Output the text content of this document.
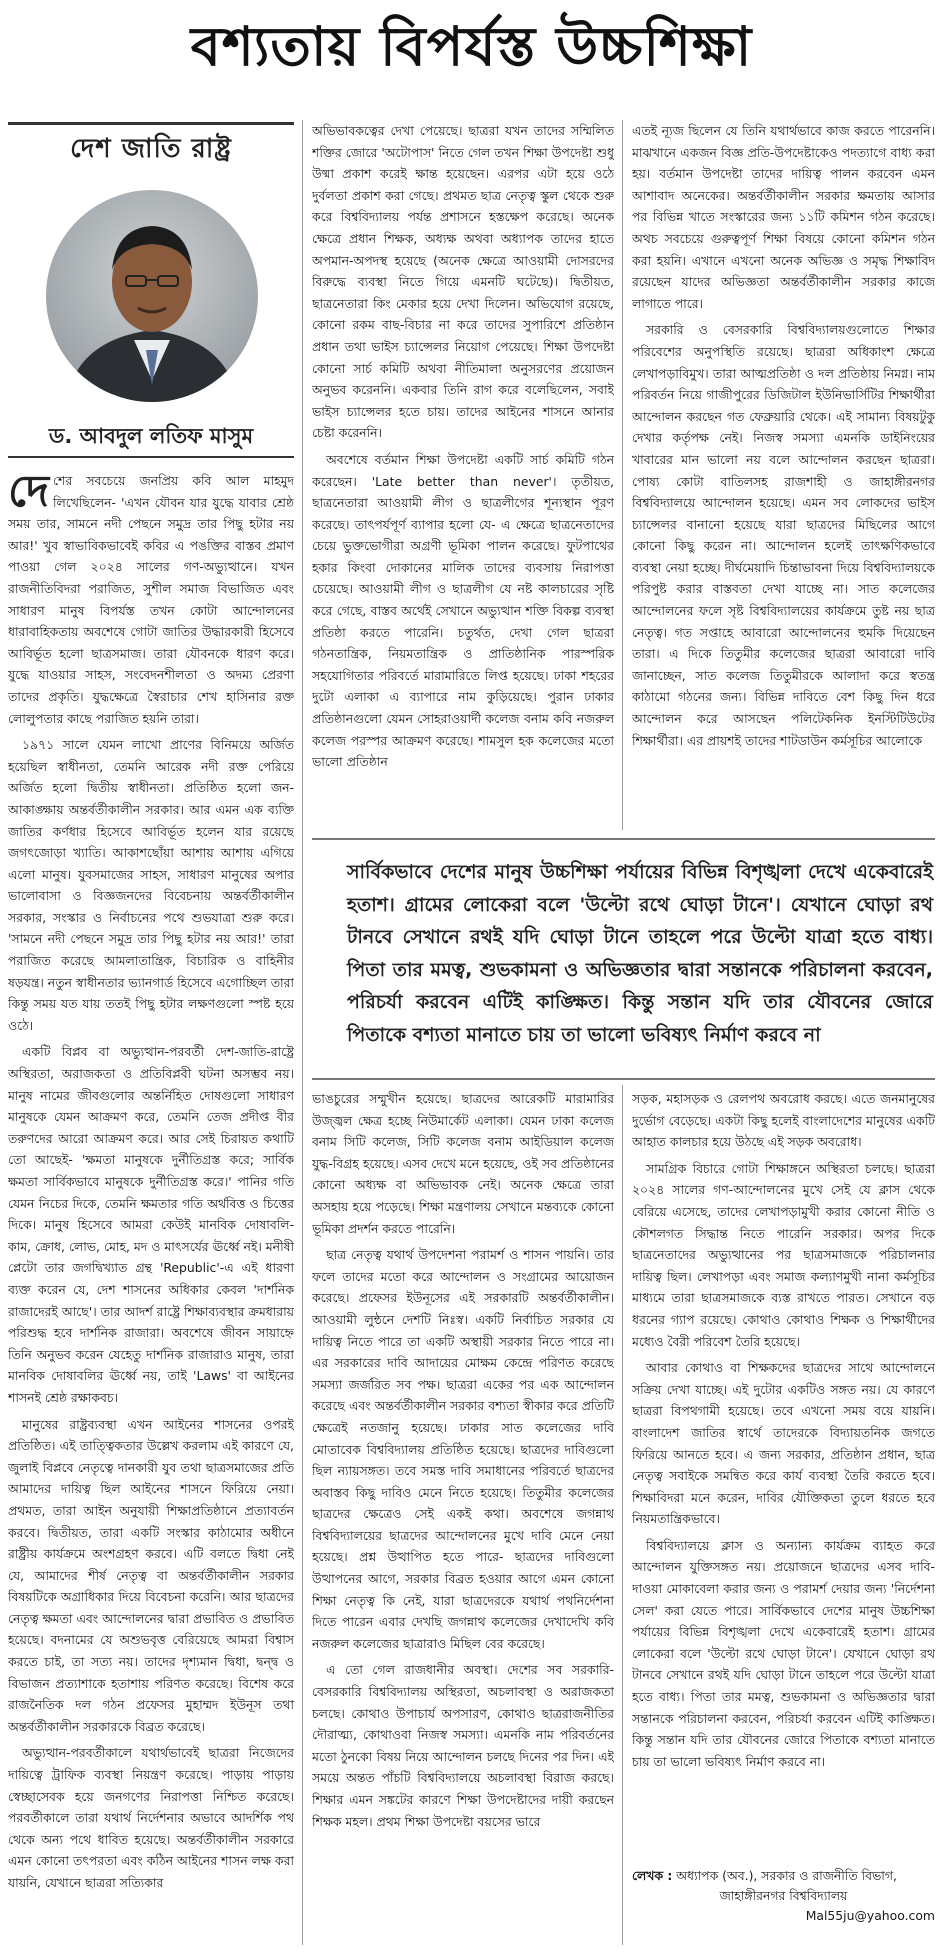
বশ্যতায় বিপর্যস্ত উচ্চশিক্ষা
দেশ জাতি রাষ্ট্র
ড. আবদুল লতিফ মাসুম

দেশের সবচেয়ে জনপ্রিয় কবি আল মাহমুদ লিখেছিলেন- 'এখন যৌবন যার যুদ্ধে যাবার শ্রেষ্ঠ সময় তার, সামনে নদী পেছনে সমুদ্র তার পিছু হটার নয় আর!' খুব স্বাভাবিকভাবেই কবির এ পঙক্তির বাস্তব প্রমাণ পাওয়া গেল ২০২৪ সালের গণ-অভ্যুত্থানে। যখন রাজনীতিবিদরা পরাজিত, সুশীল সমাজ বিভাজিত এবং সাধারণ মানুষ বিপর্যস্ত তখন কোটা আন্দোলনের ধারাবাহিকতায় অবশেষে গোটা জাতির উদ্ধারকারী হিসেবে আবির্ভূত হলো ছাত্রসমাজ। তারা যৌবনকে ধারণ করে। যুদ্ধে যাওয়ার সাহস, সংবেদনশীলতা ও অদম্য প্রেরণা তাদের প্রকৃতি। যুদ্ধক্ষেত্রে স্বৈরাচার শেখ হাসিনার রক্ত লোলুপতার কাছে পরাজিত হয়নি তারা।

১৯৭১ সালে যেমন লাখো প্রাণের বিনিময়ে অর্জিত হয়েছিল স্বাধীনতা, তেমনি আরেক নদী রক্ত পেরিয়ে অর্জিত হলো দ্বিতীয় স্বাধীনতা। প্রতিষ্ঠিত হলো জন-আকাঙ্ক্ষায় অন্তর্বর্তীকালীন সরকার। আর এমন এক ব্যক্তি জাতির কর্ণধার হিসেবে আবির্ভূত হলেন যার রয়েছে জগৎজোড়া খ্যাতি। আকাশছোঁয়া আশায় আশায় এগিয়ে এলো মানুষ। যুবসমাজের সাহস, সাধারণ মানুষের অপার ভালোবাসা ও বিজ্ঞজনদের বিবেচনায় অন্তর্বর্তীকালীন সরকার, সংস্কার ও নির্বাচনের পথে শুভযাত্রা শুরু করে। 'সামনে নদী পেছনে সমুদ্র তার পিছু হটার নয় আর!' তারা পরাজিত করেছে আমলাতান্ত্রিক, বিচারিক ও বাহিনীর ষড়যন্ত্র। নতুন স্বাধীনতার ভ্যানগার্ড হিসেবে এগোচ্ছিল তারা কিন্তু সময় যত যায় ততই পিছু হটার লক্ষণগুলো স্পষ্ট হয়ে ওঠে।

একটি বিপ্লব বা অভ্যুত্থান-পরবর্তী দেশ-জাতি-রাষ্ট্রে অস্থিরতা, অরাজকতা ও প্রতিবিপ্লবী ঘটনা অসম্ভব নয়। মানুষ নামের জীবগুলোর অন্তর্নিহিত দোষগুলো সাধারণ মানুষকে যেমন আক্রমণ করে, তেমনি তেজ প্রদীপ্ত বীর তরুণদের আরো আক্রমণ করে। আর সেই চিরায়ত কথাটি তো আছেই- 'ক্ষমতা মানুষকে দুর্নীতিগ্রস্ত করে; সার্বিক ক্ষমতা সার্বিকভাবে মানুষকে দুর্নীতিগ্রস্ত করে।' পানির গতি যেমন নিচের দিকে, তেমনি ক্ষমতার গতি অর্থবিত্ত ও চিত্তের দিকে। মানুষ হিসেবে আমরা কেউই মানবিক দোষাবলি- কাম, ক্রোধ, লোভ, মোহ, মদ ও মাৎসর্যের ঊর্ধ্বে নই। মনীষী প্লেটো তার জগদ্বিখ্যাত গ্রন্থ 'Republic'-এ এই ধারণা ব্যক্ত করেন যে, দেশ শাসনের অধিকার কেবল 'দার্শনিক রাজাদেরই আছে'। তার আদর্শ রাষ্ট্রে শিক্ষাব্যবস্থার ক্রমধারায় পরিশুদ্ধ হবে দার্শনিক রাজারা। অবশেষে জীবন সায়াহ্নে তিনি অনুভব করেন যেহেতু দার্শনিক রাজারাও মানুষ, তারা মানবিক দোষাবলির ঊর্ধ্বে নয়, তাই 'Laws' বা আইনের শাসনই শ্রেষ্ঠ রক্ষাকবচ।

মানুষের রাষ্ট্রব্যবস্থা এখন আইনের শাসনের ওপরই প্রতিষ্ঠিত। এই তাত্ত্বিকতার উল্লেখ করলাম এই কারণে যে, জুলাই বিপ্লবে নেতৃত্বে দানকারী যুব তথা ছাত্রসমাজের প্রতি আমাদের দায়িত্ব ছিল আইনের শাসনে ফিরিয়ে নেয়া। প্রথমত, তারা আইন অনুযায়ী শিক্ষাপ্রতিষ্ঠানে প্রত্যাবর্তন করবে। দ্বিতীয়ত, তারা একটি সংস্কার কাঠামোর অধীনে রাষ্ট্রীয় কার্যক্রমে অংশগ্রহণ করবে। এটি বলতে দ্বিধা নেই যে, আমাদের শীর্ষ নেতৃত্ব বা অন্তর্বর্তীকালীন সরকার বিষয়টিকে অগ্রাধিকার দিয়ে বিবেচনা করেনি। আর ছাত্রদের নেতৃত্ব ক্ষমতা এবং আন্দোলনের দ্বারা প্রভাবিত ও প্রভাবিত হয়েছে। বদনামের যে অশুভবৃত্ত বেরিয়েছে আমরা বিশ্বাস করতে চাই, তা সত্য নয়। তাদের দৃশ্যমান দ্বিধা, দ্বন্দ্ব ও বিভাজন প্রত্যাশাকে হতাশায় পরিণত করেছে। বিশেষ করে রাজনৈতিক দল গঠন প্রফেসর মুহাম্মদ ইউনূস তথা অন্তর্বর্তীকালীন সরকারকে বিব্রত করেছে।

অভ্যুত্থান-পরবর্তীকালে যথার্থভাবেই ছাত্ররা নিজেদের দায়িত্বে ট্রাফিক ব্যবস্থা নিয়ন্ত্রণ করেছে। পাড়ায় পাড়ায় স্বেচ্ছাসেবক হয়ে জনগণের নিরাপত্তা নিশ্চিত করেছে। পরবর্তীকালে তারা যথার্থ নির্দেশনার অভাবে আদর্শিক পথ থেকে অন্য পথে ধাবিত হয়েছে। অন্তর্বর্তীকালীন সরকারে এমন কোনো তৎপরতা এবং কঠিন আইনের শাসন লক্ষ করা যায়নি, যেখানে ছাত্ররা সত্যিকার

অভিভাবকত্বের দেখা পেয়েছে। ছাত্ররা যখন তাদের সম্মিলিত শক্তির জোরে 'অটোপাস' নিতে গেল তখন শিক্ষা উপদেষ্টা শুধু উষ্মা প্রকাশ করেই ক্ষান্ত হয়েছেন। এরপর এটা হয়ে ওঠে দুর্বলতা প্রকাশ করা গেছে। প্রথমত ছাত্র নেতৃত্ব স্কুল থেকে শুরু করে বিশ্ববিদ্যালয় পর্যন্ত প্রশাসনে হস্তক্ষেপ করেছে। অনেক ক্ষেত্রে প্রধান শিক্ষক, অধ্যক্ষ অথবা অধ্যাপক তাদের হাতে অপমান-অপদস্থ হয়েছে (অনেক ক্ষেত্রে আওয়ামী দোসরদের বিরুদ্ধে ব্যবস্থা নিতে গিয়ে এমনটি ঘটেছে)। দ্বিতীয়ত, ছাত্রনেতারা কিং মেকার হয়ে দেখা দিলেন। অভিযোগ রয়েছে, কোনো রকম বাছ-বিচার না করে তাদের সুপারিশে প্রতিষ্ঠান প্রধান তথা ভাইস চ্যান্সেলর নিয়োগ পেয়েছে। শিক্ষা উপদেষ্টা কোনো সার্চ কমিটি অথবা নীতিমালা অনুসরণের প্রয়োজন অনুভব করেননি। একবার তিনি রাগ করে বলেছিলেন, সবাই ভাইস চ্যান্সেলর হতে চায়। তাদের আইনের শাসনে আনার চেষ্টা করেননি।

অবশেষে বর্তমান শিক্ষা উপদেষ্টা একটি সার্চ কমিটি গঠন করেছেন। 'Late better than never'। তৃতীয়ত, ছাত্রনেতারা আওয়ামী লীগ ও ছাত্রলীগের শূন্যস্থান পূরণ করেছে। তাৎপর্যপূর্ণ ব্যাপার হলো যে- এ ক্ষেত্রে ছাত্রনেতাদের চেয়ে ভুক্তভোগীরা অগ্রণী ভূমিকা পালন করেছে। ফুটপাথের হকার কিংবা দোকানের মালিক তাদের ব্যবসায় নিরাপত্তা চেয়েছে। আওয়ামী লীগ ও ছাত্রলীগ যে নষ্ট কালচারের সৃষ্টি করে গেছে, বাস্তব অর্থেই সেখানে অভ্যুত্থান শক্তি বিকল্প ব্যবস্থা প্রতিষ্ঠা করতে পারেনি। চতুর্থত, দেখা গেল ছাত্ররা গঠনতান্ত্রিক, নিয়মতান্ত্রিক ও প্রাতিষ্ঠানিক পারস্পরিক সহযোগিতার পরিবর্তে মারামারিতে লিপ্ত হয়েছে। ঢাকা শহরের দুটো এলাকা এ ব্যাপারে নাম কুড়িয়েছে। পুরান ঢাকার প্রতিষ্ঠানগুলো যেমন সোহরাওয়ার্দী কলেজ বনাম কবি নজরুল কলেজ পরস্পর আক্রমণ করেছে। শামসুল হক কলেজের মতো ভালো প্রতিষ্ঠান

এতই ন্যূজ ছিলেন যে তিনি যথার্থভাবে কাজ করতে পারেননি। মাঝখানে একজন বিজ্ঞ প্রতি-উপদেষ্টাকেও পদত্যাগে বাধ্য করা হয়। বর্তমান উপদেষ্টা তাদের দায়িত্ব পালন করবেন এমন আশাবাদ অনেকের। অন্তর্বর্তীকালীন সরকার ক্ষমতায় আসার পর বিভিন্ন খাতে সংস্কারের জন্য ১১টি কমিশন গঠন করেছে। অথচ সবচেয়ে গুরুত্বপূর্ণ শিক্ষা বিষয়ে কোনো কমিশন গঠন করা হয়নি। এখানে এখনো অনেক অভিজ্ঞ ও সমৃদ্ধ শিক্ষাবিদ রয়েছেন যাদের অভিজ্ঞতা অন্তর্বর্তীকালীন সরকার কাজে লাগাতে পারে।

সরকারি ও বেসরকারি বিশ্ববিদ্যালয়গুলোতে শিক্ষার পরিবেশের অনুপস্থিতি রয়েছে। ছাত্ররা অধিকাংশ ক্ষেত্রে লেখাপড়াবিমুখ। তারা আত্মপ্রতিষ্ঠা ও দল প্রতিষ্ঠায় নিমগ্ন। নাম পরিবর্তন নিয়ে গাজীপুরের ডিজিটাল ইউনিভার্সিটির শিক্ষার্থীরা আন্দোলন করছেন গত ফেব্রুয়ারি থেকে। এই সামান্য বিষয়টুকু দেখার কর্তৃপক্ষ নেই। নিজস্ব সমস্যা এমনকি ডাইনিংয়ের খাবারের মান ভালো নয় বলে আন্দোলন করছেন ছাত্ররা। পোষ্য কোটা বাতিলসহ রাজশাহী ও জাহাঙ্গীরনগর বিশ্ববিদ্যালয়ে আন্দোলন হয়েছে। এমন সব লোকদের ভাইস চ্যান্সেলর বানানো হয়েছে যারা ছাত্রদের মিছিলের আগে কোনো কিছু করেন না। আন্দোলন হলেই তাৎক্ষণিকভাবে ব্যবস্থা নেয়া হচ্ছে। দীর্ঘমেয়াদি চিন্তাভাবনা দিয়ে বিশ্ববিদ্যালয়কে পরিপুষ্ট করার বাস্তবতা দেখা যাচ্ছে না। সাত কলেজের আন্দোলনের ফলে সৃষ্ট বিশ্ববিদ্যালয়ের কার্যক্রমে তুষ্ট নয় ছাত্র নেতৃত্ব। গত সপ্তাহে আবারো আন্দোলনের হুমকি দিয়েছেন তারা। এ দিকে তিতুমীর কলেজের ছাত্ররা আবারো দাবি জানাচ্ছেন, সাত কলেজ তিতুমীরকে আলাদা করে স্বতন্ত্র কাঠামো গঠনের জন্য। বিভিন্ন দাবিতে বেশ কিছু দিন ধরে আন্দোলন করে আসছেন পলিটেকনিক ইনস্টিটিউটের শিক্ষার্থীরা। এর প্রায়শই তাদের শাটডাউন কর্মসূচির আলোকে

সার্বিকভাবে দেশের মানুষ উচ্চশিক্ষা পর্যায়ের বিভিন্ন বিশৃঙ্খলা দেখে একেবারেই হতাশ। গ্রামের লোকেরা বলে 'উল্টো রথে ঘোড়া টানে'। যেখানে ঘোড়া রথ টানবে সেখানে রথই যদি ঘোড়া টানে তাহলে পরে উল্টো যাত্রা হতে বাধ্য। পিতা তার মমত্ব, শুভকামনা ও অভিজ্ঞতার দ্বারা সন্তানকে পরিচালনা করবেন, পরিচর্যা করবেন এটিই কাঙ্ক্ষিত। কিন্তু সন্তান যদি তার যৌবনের জোরে পিতাকে বশ্যতা মানাতে চায় তা ভালো ভবিষ্যৎ নির্মাণ করবে না

ভাঙচুরের সম্মুখীন হয়েছে। ছাত্রদের আরেকটি মারামারির উজ্জ্বল ক্ষেত্র হচ্ছে নিউমার্কেট এলাকা। যেমন ঢাকা কলেজ বনাম সিটি কলেজ, সিটি কলেজ বনাম আইডিয়াল কলেজ যুদ্ধ-বিগ্রহ হয়েছে। এসব দেখে মনে হয়েছে, ওই সব প্রতিষ্ঠানের কোনো অধ্যক্ষ বা অভিভাবক নেই। অনেক ক্ষেত্রে তারা অসহায় হয়ে পড়েছে। শিক্ষা মন্ত্রণালয় সেখানে মন্তব্যকে কোনো ভূমিকা প্রদর্শন করতে পারেনি।

ছাত্র নেতৃত্ব যথার্থ উপদেশনা পরামর্শ ও শাসন পায়নি। তার ফলে তাদের মতো করে আন্দোলন ও সংগ্রামের আয়োজন করেছে। প্রফেসর ইউনূসের এই সরকারটি অন্তর্বর্তীকালীন। আওয়ামী লুন্ঠনে দেশটি নিঃস্ব। একটি নির্বাচিত সরকার যে দায়িত্ব নিতে পারে তা একটি অস্থায়ী সরকার নিতে পারে না। এর সরকারের দাবি আদায়ের মোক্ষম কেন্দ্রে পরিণত করেছে সমস্যা জর্জরিত সব পক্ষ। ছাত্ররা একের পর এক আন্দোলন করেছে এবং অন্তর্বর্তীকালীন সরকার বশ্যতা স্বীকার করে প্রতিটি ক্ষেত্রেই নতজানু হয়েছে। ঢাকার সাত কলেজের দাবি মোতাবেক বিশ্ববিদ্যালয় প্রতিষ্ঠিত হয়েছে। ছাত্রদের দাবিগুলো ছিল ন্যায়সঙ্গত। তবে সমস্ত দাবি সমাধানের পরিবর্তে ছাত্রদের অবাস্তব কিছু দাবিও মেনে নিতে হয়েছে। তিতুমীর কলেজের ছাত্রদের ক্ষেত্রেও সেই একই কথা। অবশেষে জগন্নাথ বিশ্ববিদ্যালয়ের ছাত্রদের আন্দোলনের মুখে দাবি মেনে নেয়া হয়েছে। প্রশ্ন উত্থাপিত হতে পারে- ছাত্রদের দাবিগুলো উত্থাপনের আগে, সরকার বিব্রত হওয়ার আগে এমন কোনো শিক্ষা নেতৃত্ব কি নেই, যারা ছাত্রদেরকে যথার্থ পথনির্দেশনা দিতে পারেন এবার দেখছি জগন্নাথ কলেজের দেখাদেখি কবি নজরুল কলেজের ছাত্রারাও মিছিল বের করেছে।

এ তো গেল রাজধানীর অবস্থা। দেশের সব সরকারি-বেসরকারি বিশ্ববিদ্যালয় অস্থিরতা, অচলাবস্থা ও অরাজকতা চলছে। কোথাও উপাচার্য অপসারণ, কোথাও ছাত্ররাজনীতির দৌরাত্ম্য, কোথাওবা নিজস্ব সমস্যা। এমনকি নাম পরিবর্তনের মতো ঠুনকো বিষয় নিয়ে আন্দোলন চলছে দিনের পর দিন। এই সময়ে অন্তত পাঁচটি বিশ্ববিদ্যালয়ে অচলাবস্থা বিরাজ করছে। শিক্ষার এমন সঙ্কটের কারণে শিক্ষা উপদেষ্টাদের দায়ী করছেন শিক্ষক মহল। প্রথম শিক্ষা উপদেষ্টা বয়সের ভারে

সড়ক, মহাসড়ক ও রেলপথ অবরোধ করছে। এতে জনমানুষের দুর্ভোগ বেড়েছে। একটা কিছু হলেই বাংলাদেশের মানুষের একটি আহাত কালচার হয়ে উঠছে এই সড়ক অবরোধ।

সামগ্রিক বিচারে গোটা শিক্ষাঙ্গনে অস্থিরতা চলছে। ছাত্ররা ২০২৪ সালের গণ-আন্দোলনের মুখে সেই যে ক্লাস থেকে বেরিয়ে এসেছে, তাদের লেখাপড়ামুখী করার কোনো নীতি ও কৌশলগত সিদ্ধান্ত নিতে পারেনি সরকার। অপর দিকে ছাত্রনেতাদের অভ্যুত্থানের পর ছাত্রসমাজকে পরিচালনার দায়িত্ব ছিল। লেখাপড়া এবং সমাজ কল্যাণমুখী নানা কর্মসূচির মাধ্যমে তারা ছাত্রসমাজকে ব্যস্ত রাখতে পারত। সেখানে বড় ধরনের গ্যাপ রয়েছে। কোথাও কোথাও শিক্ষক ও শিক্ষার্থীদের মধ্যেও বৈরী পরিবেশ তৈরি হয়েছে।

আবার কোথাও বা শিক্ষকদের ছাত্রদের সাথে আন্দোলনে সক্রিয় দেখা যাচ্ছে। এই দুটোর একটিও সঙ্গত নয়। যে কারণে ছাত্ররা বিপথগামী হয়েছে। তবে এখনো সময় বয়ে যায়নি। বাংলাদেশ জাতির স্বার্থে তাদেরকে বিদ্যায়তনিক জগতে ফিরিয়ে আনতে হবে। এ জন্য সরকার, প্রতিষ্ঠান প্রধান, ছাত্র নেতৃত্ব সবাইকে সমন্বিত করে কার্য ব্যবস্থা তৈরি করতে হবে। শিক্ষাবিদরা মনে করেন, দাবির যৌক্তিকতা তুলে ধরতে হবে নিয়মতান্ত্রিকভাবে।

বিশ্ববিদ্যালয়ে ক্লাস ও অন্যান্য কার্যক্রম ব্যাহত করে আন্দোলন যুক্তিসঙ্গত নয়। প্রয়োজনে ছাত্রদের এসব দাবি-দাওয়া মোকাবেলা করার জন্য ও পরামর্শ দেয়ার জন্য 'নির্দেশনা সেল' করা যেতে পারে। সার্বিকভাবে দেশের মানুষ উচ্চশিক্ষা পর্যায়ের বিভিন্ন বিশৃঙ্খলা দেখে একেবারেই হতাশ। গ্রামের লোকেরা বলে 'উল্টো রথে ঘোড়া টানে'। যেখানে ঘোড়া রথ টানবে সেখানে রথই যদি ঘোড়া টানে তাহলে পরে উল্টো যাত্রা হতে বাধ্য। পিতা তার মমত্ব, শুভকামনা ও অভিজ্ঞতার দ্বারা সন্তানকে পরিচালনা করবেন, পরিচর্যা করবেন এটিই কাঙ্ক্ষিত। কিন্তু সন্তান যদি তার যৌবনের জোরে পিতাকে বশ্যতা মানাতে চায় তা ভালো ভবিষ্যৎ নির্মাণ করবে না।

লেখক : অধ্যাপক (অব.), সরকার ও রাজনীতি বিভাগ,
জাহাঙ্গীরনগর বিশ্ববিদ্যালয়
Mal55ju@yahoo.com
